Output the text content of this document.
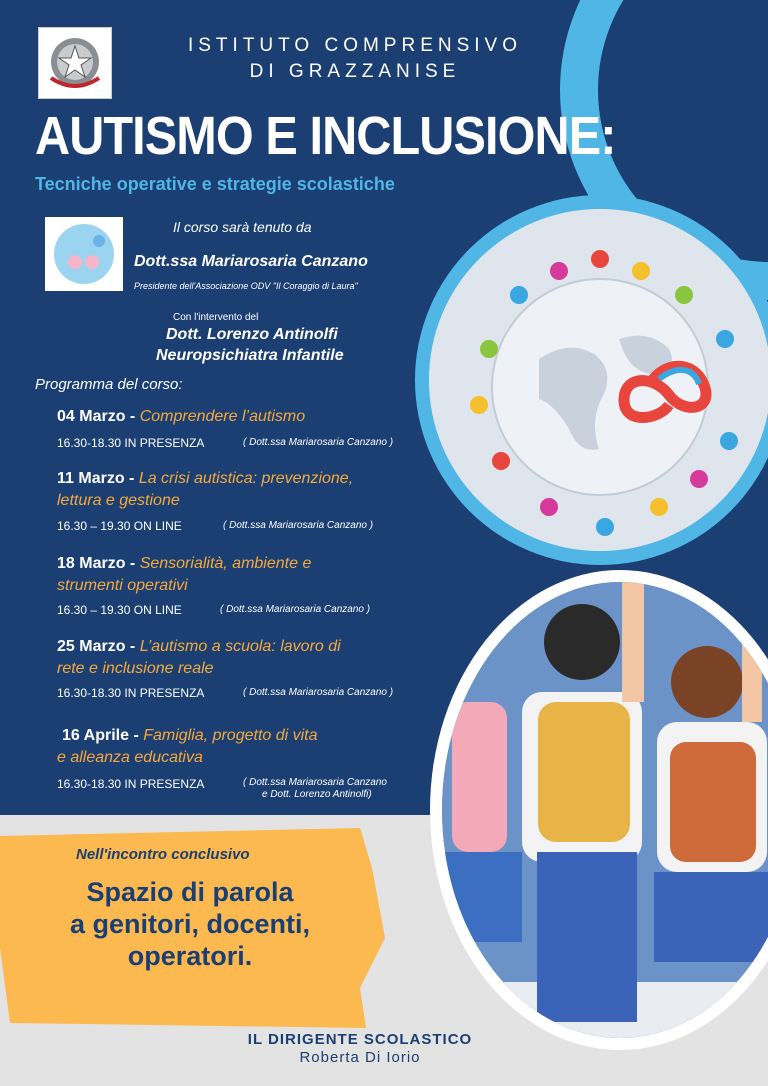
ISTITUTO COMPRENSIVO
DI GRAZZANISE
AUTISMO E INCLUSIONE:
Tecniche operative e strategie scolastiche
Il corso sarà tenuto da
Dott.ssa Mariarosaria Canzano
Presidente dell'Associazione ODV "Il Coraggio di Laura"
Con l'intervento del
Dott. Lorenzo Antinolfi
Neuropsichiatra Infantile
Programma del corso:
04 Marzo - Comprendere l’autismo
16.30-18.30 IN PRESENZA	( Dott.ssa Mariarosaria Canzano )
11 Marzo - La crisi autistica: prevenzione,
lettura e gestione
16.30 – 19.30 ON LINE	( Dott.ssa Mariarosaria Canzano )
18 Marzo - Sensorialità, ambiente e
strumenti operativi
16.30 – 19.30 ON LINE	( Dott.ssa Mariarosaria Canzano )
25 Marzo - L’autismo a scuola: lavoro di
rete e inclusione reale
16.30-18.30 IN PRESENZA	( Dott.ssa Mariarosaria Canzano )
16 Aprile - Famiglia, progetto di vita
e alleanza educativa
16.30-18.30 IN PRESENZA	( Dott.ssa Mariarosaria Canzano
e Dott. Lorenzo Antinolfi)
Nell'incontro conclusivo
Spazio di parola
a genitori, docenti,
operatori.
IL DIRIGENTE SCOLASTICO
Roberta Di Iorio
